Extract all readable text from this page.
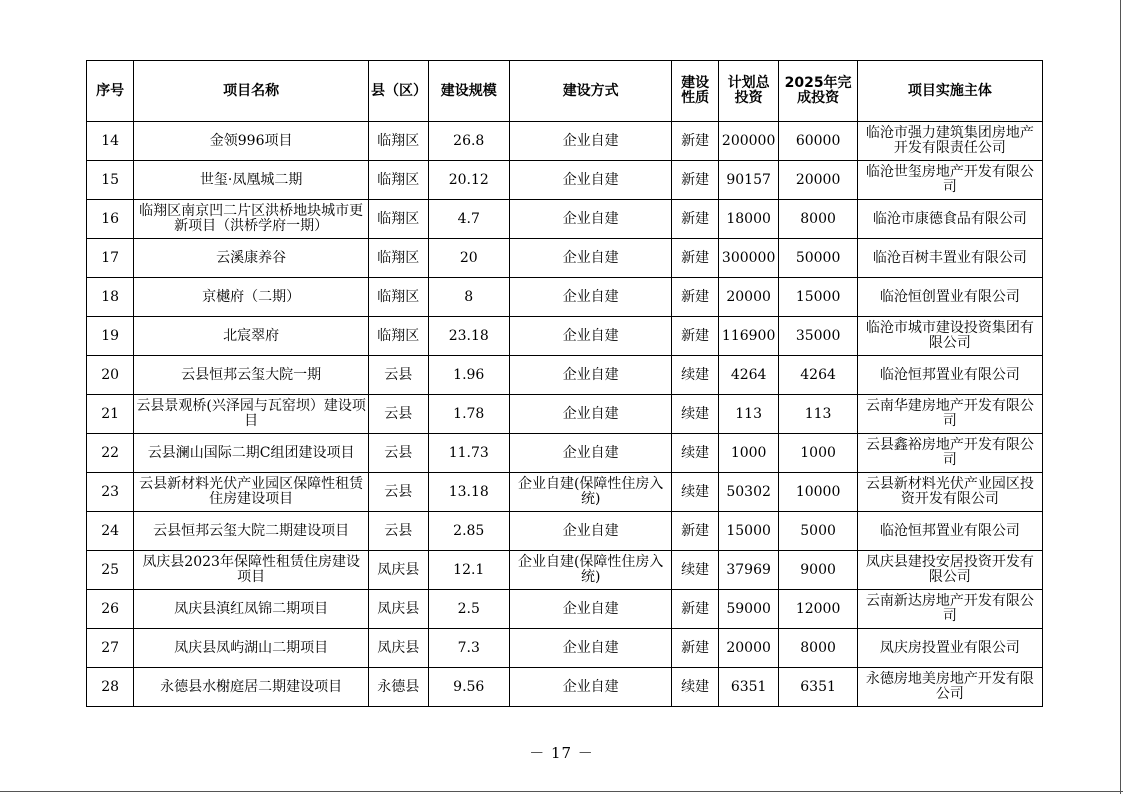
序号	项目名称	县（区）	建设规模	建设方式	建设性质	计划总投资	2025年完成投资	项目实施主体
14	金领996项目	临翔区	26.8	企业自建	新建	200000	60000	临沧市强力建筑集团房地产开发有限责任公司
15	世玺·凤凰城二期	临翔区	20.12	企业自建	新建	90157	20000	临沧世玺房地产开发有限公司
16	临翔区南京凹二片区洪桥地块城市更新项目（洪桥学府一期）	临翔区	4.7	企业自建	新建	18000	8000	临沧市康德食品有限公司
17	云溪康养谷	临翔区	20	企业自建	新建	300000	50000	临沧百树丰置业有限公司
18	京樾府（二期）	临翔区	8	企业自建	新建	20000	15000	临沧恒创置业有限公司
19	北宸翠府	临翔区	23.18	企业自建	新建	116900	35000	临沧市城市建设投资集团有限公司
20	云县恒邦云玺大院一期	云县	1.96	企业自建	续建	4264	4264	临沧恒邦置业有限公司
21	云县景观桥(兴泽园与瓦窑坝）建设项目	云县	1.78	企业自建	续建	113	113	云南华建房地产开发有限公司
22	云县澜山国际二期C组团建设项目	云县	11.73	企业自建	续建	1000	1000	云县鑫裕房地产开发有限公司
23	云县新材料光伏产业园区保障性租赁住房建设项目	云县	13.18	企业自建(保障性住房入统)	续建	50302	10000	云县新材料光伏产业园区投资开发有限公司
24	云县恒邦云玺大院二期建设项目	云县	2.85	企业自建	新建	15000	5000	临沧恒邦置业有限公司
25	凤庆县2023年保障性租赁住房建设项目	凤庆县	12.1	企业自建(保障性住房入统)	续建	37969	9000	凤庆县建投安居投资开发有限公司
26	凤庆县滇红凤锦二期项目	凤庆县	2.5	企业自建	新建	59000	12000	云南新达房地产开发有限公司
27	凤庆县凤屿湖山二期项目	凤庆县	7.3	企业自建	新建	20000	8000	凤庆房投置业有限公司
28	永德县水榭庭居二期建设项目	永德县	9.56	企业自建	续建	6351	6351	永德房地美房地产开发有限公司
－ 17 －
